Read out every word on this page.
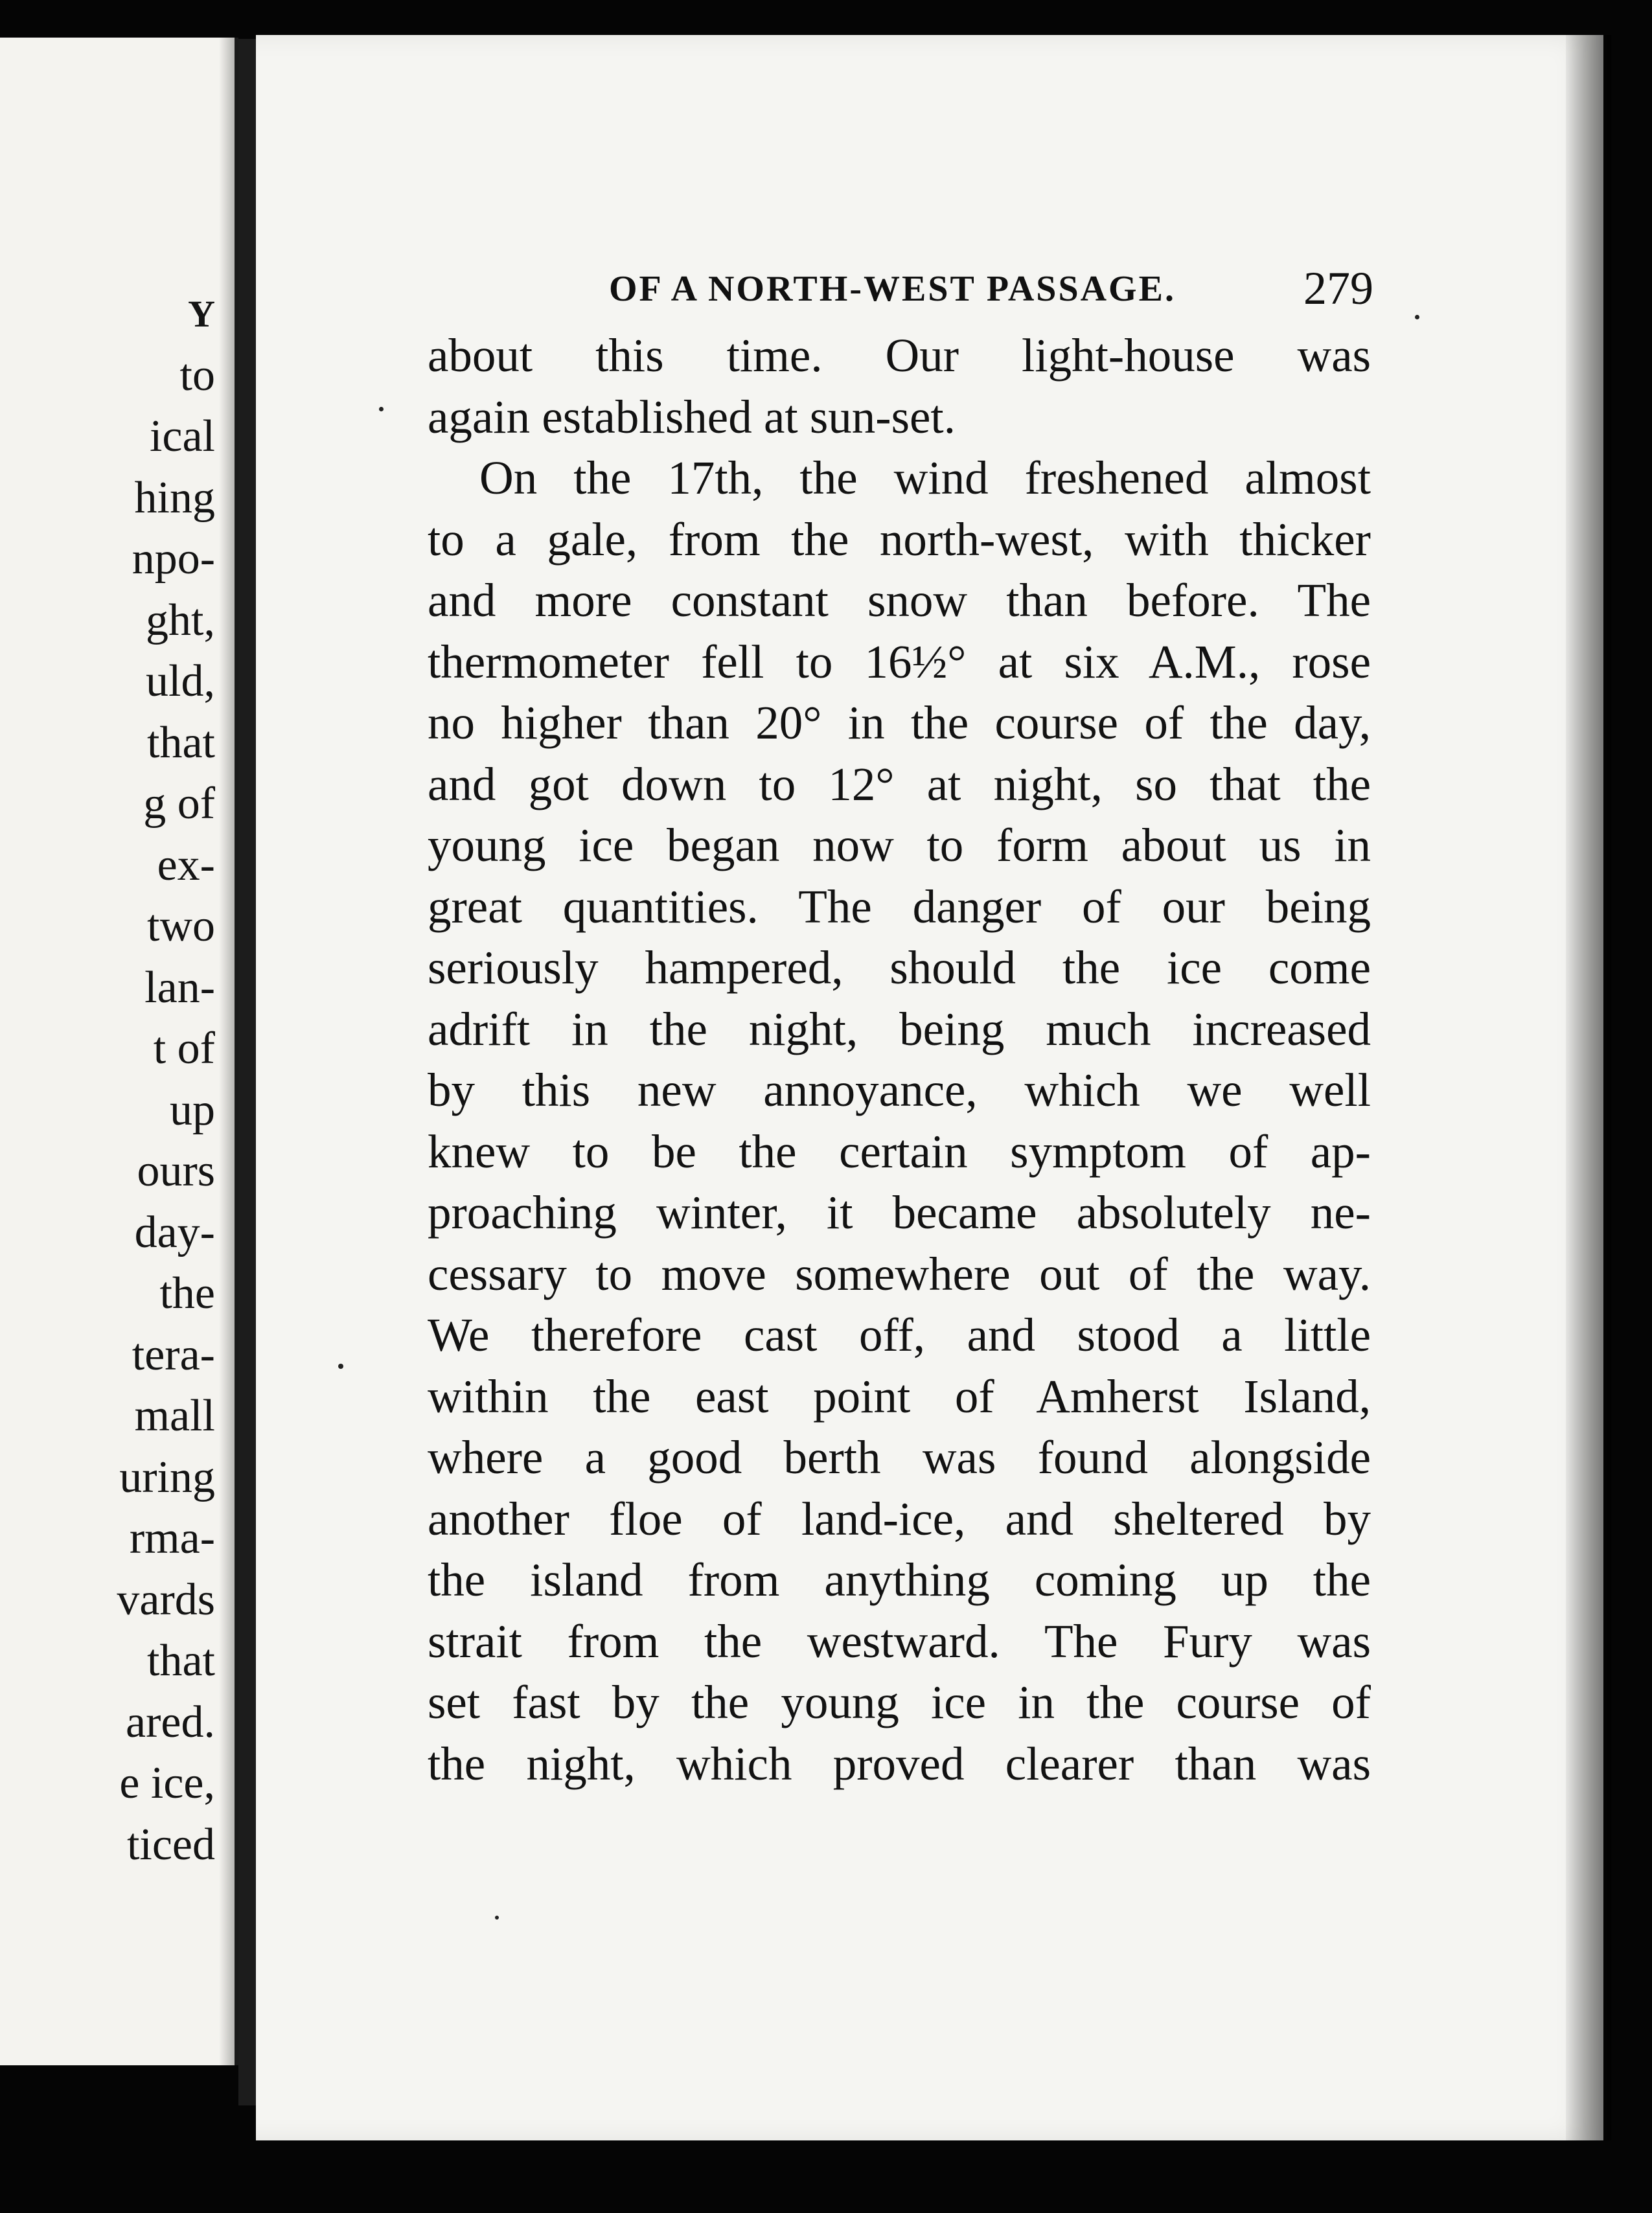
Y
to
ical
hing
npo-
ght,
uld,
that
g of
ex-
two
lan-
t of
up
ours
day-
the
tera-
mall
uring
rma-
vards
that
ared.
e ice,
ticed
OF A NORTH-WEST PASSAGE.	279
about this time. Our light-house was
again established at sun-set.
On the 17th, the wind freshened almost
to a gale, from the north-west, with thicker
and more constant snow than before. The
thermometer fell to 16½° at six A.M., rose
no higher than 20° in the course of the day,
and got down to 12° at night, so that the
young ice began now to form about us in
great quantities. The danger of our being
seriously hampered, should the ice come
adrift in the night, being much increased
by this new annoyance, which we well
knew to be the certain symptom of ap-
proaching winter, it became absolutely ne-
cessary to move somewhere out of the way.
We therefore cast off, and stood a little
within the east point of Amherst Island,
where a good berth was found alongside
another floe of land-ice, and sheltered by
the island from anything coming up the
strait from the westward. The Fury was
set fast by the young ice in the course of
the night, which proved clearer than was
